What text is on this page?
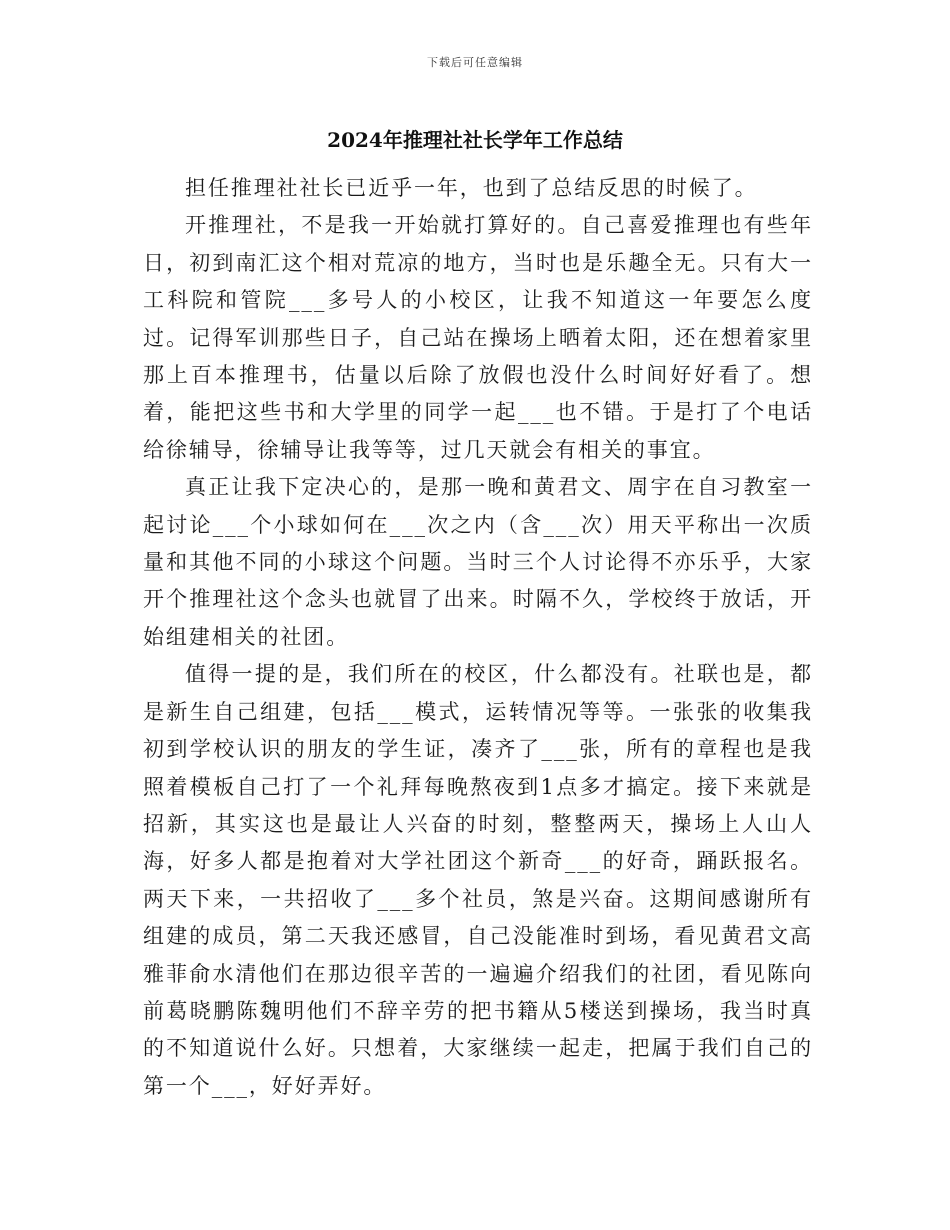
下载后可任意编辑
2024年推理社社长学年工作总结

担任推理社社长已近乎一年，也到了总结反思的时候了。

开推理社，不是我一开始就打算好的。自己喜爱推理也有些年日，初到南汇这个相对荒凉的地方，当时也是乐趣全无。只有大一工科院和管院___多号人的小校区，让我不知道这一年要怎么度过。记得军训那些日子，自己站在操场上晒着太阳，还在想着家里那上百本推理书，估量以后除了放假也没什么时间好好看了。想着，能把这些书和大学里的同学一起___也不错。于是打了个电话给徐辅导，徐辅导让我等等，过几天就会有相关的事宜。

真正让我下定决心的，是那一晚和黄君文、周宇在自习教室一起讨论___个小球如何在___次之内（含___次）用天平称出一次质量和其他不同的小球这个问题。当时三个人讨论得不亦乐乎，大家开个推理社这个念头也就冒了出来。时隔不久，学校终于放话，开始组建相关的社团。

值得一提的是，我们所在的校区，什么都没有。社联也是，都是新生自己组建，包括___模式，运转情况等等。一张张的收集我初到学校认识的朋友的学生证，凑齐了___张，所有的章程也是我照着模板自己打了一个礼拜每晚熬夜到1点多才搞定。接下来就是招新，其实这也是最让人兴奋的时刻，整整两天，操场上人山人海，好多人都是抱着对大学社团这个新奇___的好奇，踊跃报名。两天下来，一共招收了___多个社员，煞是兴奋。这期间感谢所有组建的成员，第二天我还感冒，自己没能准时到场，看见黄君文高雅菲俞水清他们在那边很辛苦的一遍遍介绍我们的社团，看见陈向前葛晓鹏陈魏明他们不辞辛劳的把书籍从5楼送到操场，我当时真的不知道说什么好。只想着，大家继续一起走，把属于我们自己的第一个___，好好弄好。
